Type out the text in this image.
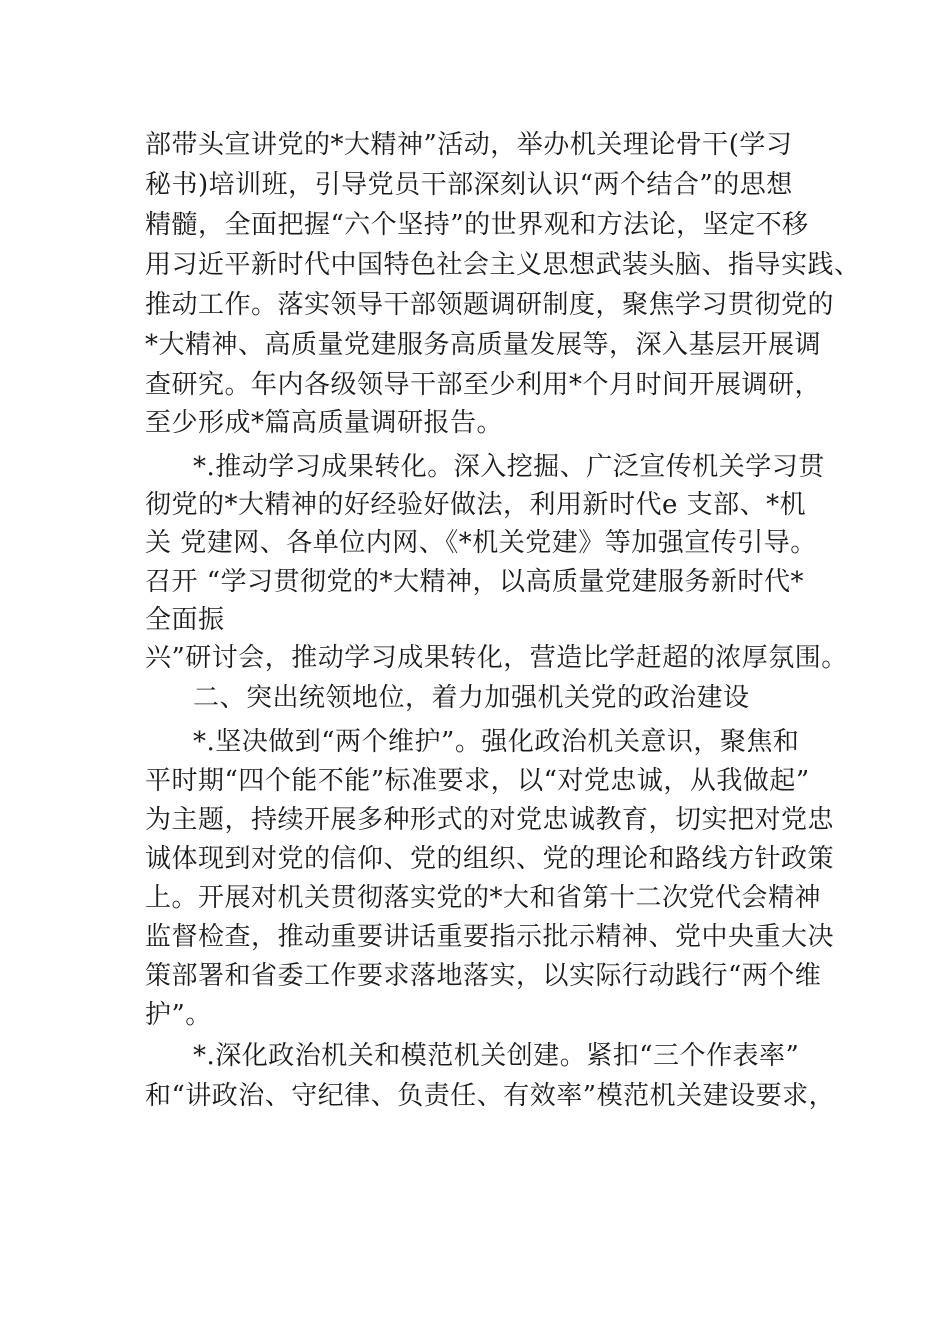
部带头宣讲党的*大精神”活动，举办机关理论骨干(学习
秘书)培训班，引导党员干部深刻认识“两个结合”的思想
精髓，全面把握“六个坚持”的世界观和方法论，坚定不移
用习近平新时代中国特色社会主义思想武装头脑、指导实践、
推动工作。落实领导干部领题调研制度，聚焦学习贯彻党的
*大精神、高质量党建服务高质量发展等，深入基层开展调
查研究。年内各级领导干部至少利用*个月时间开展调研，
至少形成*篇高质量调研报告。
*.推动学习成果转化。深入挖掘、广泛宣传机关学习贯
彻党的*大精神的好经验好做法，利用新时代e 支部、*机
关 党建网、各单位内网、《*机关党建》等加强宣传引导。
召开 “学习贯彻党的*大精神，以高质量党建服务新时代*
全面振
兴”研讨会，推动学习成果转化，营造比学赶超的浓厚氛围。
二、突出统领地位，着力加强机关党的政治建设
*.坚决做到“两个维护”。强化政治机关意识，聚焦和
平时期“四个能不能”标准要求，以“对党忠诚，从我做起”
为主题，持续开展多种形式的对党忠诚教育，切实把对党忠
诚体现到对党的信仰、党的组织、党的理论和路线方针政策
上。开展对机关贯彻落实党的*大和省第十二次党代会精神
监督检查，推动重要讲话重要指示批示精神、党中央重大决
策部署和省委工作要求落地落实，以实际行动践行“两个维
护”。
*.深化政治机关和模范机关创建。紧扣“三个作表率”
和“讲政治、守纪律、负责任、有效率”模范机关建设要求，
